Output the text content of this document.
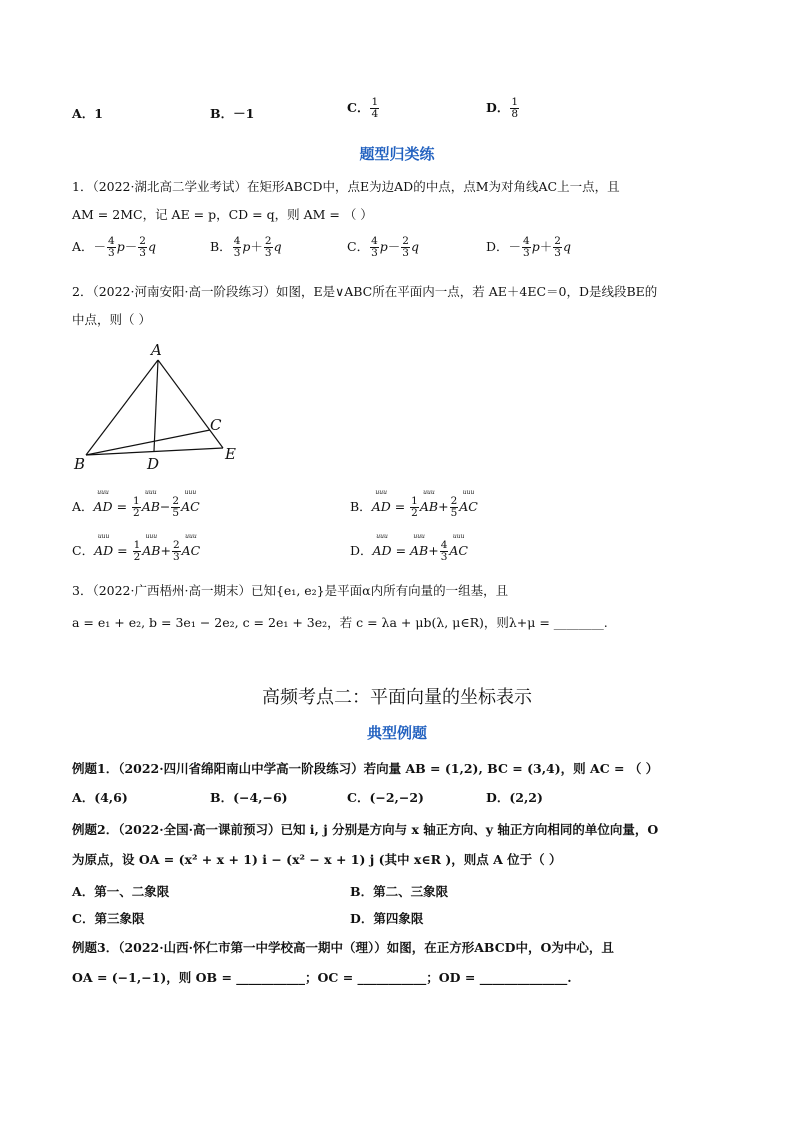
A．1	B．－1	C． $\frac{1}{4}$	D． $\frac{1}{8}$
题型归类练
1．（2022·湖北高二学业考试）在矩形ABCD中，点E为边AD的中点，点M为对角线AC上一点，且
AM = 2MC，记 AE = p，CD = q，则 AM = （ ）
A．－ $\frac{4}{3} p- \frac{2}{3}$ q	B． $\frac{4}{3} p+ \frac{2}{3}$ q	C． $\frac{4}{3} p- \frac{2}{3}$ q	D．－ $\frac{4}{3} p+ \frac{2}{3}$ q
2．（2022·河南安阳·高一阶段练习）如图，E是∨ABC所在平面内一点，若 AE＋4EC＝0，D是线段BE的
中点，则（ ）
A
B
C
D
E
A．uuu AD = $\frac{1}{2}$ uuu $AB- \frac{2}{5}$ uuu AC	B．uuu AD = $\frac{1}{2}$ uuu $AB+ \frac{2}{5}$ uuu AC
C．uuu AD = $\frac{1}{2}$ uuu $AB+ \frac{2}{3}$ uuu AC	D．uuu AD = uuu $AB+ \frac{4}{3}$ uuu AC
3．（2022·广西梧州·高一期末）已知{e₁, e₂}是平面α内所有向量的一组基，且
a = e₁ + e₂, b = 3e₁ − 2e₂, c = 2e₁ + 3e₂，若 c = λa + μb(λ, μ∈R)，则λ+μ = ________.
高频考点二：平面向量的坐标表示
典型例题
例题1．（2022·四川省绵阳南山中学高一阶段练习）若向量 AB = (1,2), BC = (3,4)，则 AC = （ ）
A．(4,6)	B．(−4,−6)	C．(−2,−2)	D．(2,2)
例题2．（2022·全国·高一课前预习）已知 i, j 分别是方向与 x 轴正方向、y 轴正方向相同的单位向量，O
为原点，设 OA = (x² + x + 1) i − (x² − x + 1) j (其中 x∈R )，则点 A 位于（ ）
A．第一、二象限	B．第二、三象限
C．第三象限	D．第四象限
例题3．（2022·山西·怀仁市第一中学校高一期中（理））如图，在正方形ABCD中，O为中心，且
OA = (−1,−1)，则 OB = ___________；OC = ___________；OD = ______________.
